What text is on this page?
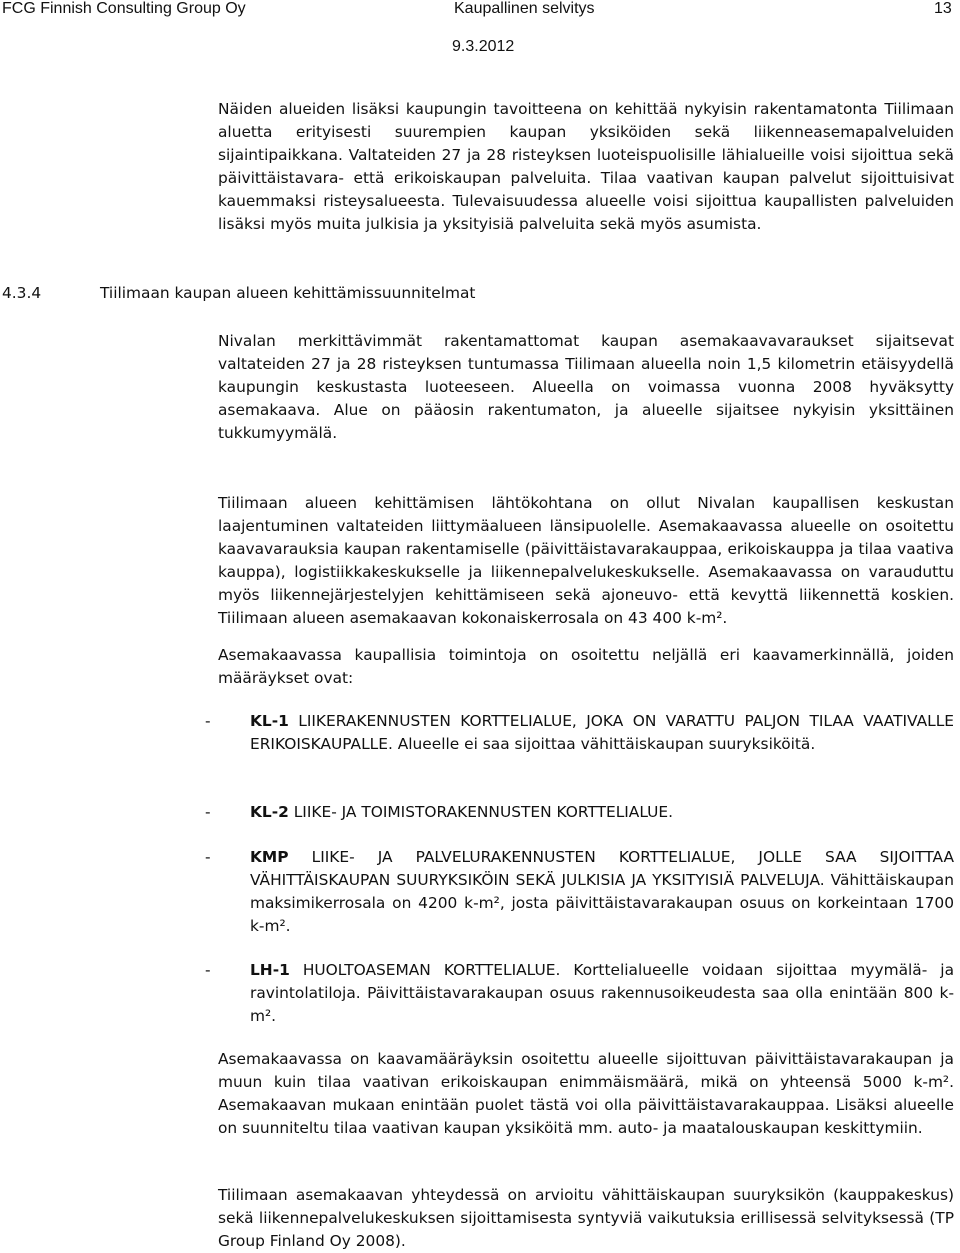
FCG Finnish Consulting Group Oy	Kaupallinen selvitys	13
9.3.2012

Näiden alueiden lisäksi kaupungin tavoitteena on kehittää nykyisin rakentamatonta Tiilimaan aluetta erityisesti suurempien kaupan yksiköiden sekä liikenneasemapalveluiden sijaintipaikkana. Valtateiden 27 ja 28 risteyksen luoteispuolisille lähialueille voisi sijoittua sekä päivittäistavara- että erikoiskaupan palveluita. Tilaa vaativan kaupan palvelut sijoittuisivat kauemmaksi risteysalueesta. Tulevaisuudessa alueelle voisi sijoittua kaupallisten palveluiden lisäksi myös muita julkisia ja yksityisiä palveluita sekä myös asumista.

4.3.4	Tiilimaan kaupan alueen kehittämissuunnitelmat

Nivalan merkittävimmät rakentamattomat kaupan asemakaavavaraukset sijaitsevat valtateiden 27 ja 28 risteyksen tuntumassa Tiilimaan alueella noin 1,5 kilometrin etäisyydellä kaupungin keskustasta luoteeseen. Alueella on voimassa vuonna 2008 hyväksytty asemakaava. Alue on pääosin rakentumaton, ja alueelle sijaitsee nykyisin yksittäinen tukkumyymälä.

Tiilimaan alueen kehittämisen lähtökohtana on ollut Nivalan kaupallisen keskustan laajentuminen valtateiden liittymäalueen länsipuolelle. Asemakaavassa alueelle on osoitettu kaavavarauksia kaupan rakentamiselle (päivittäistavarakauppaa, erikoiskauppa ja tilaa vaativa kauppa), logistiikkakeskukselle ja liikennepalvelukeskukselle. Asemakaavassa on varauduttu myös liikennejärjestelyjen kehittämiseen sekä ajoneuvo- että kevyttä liikennettä koskien. Tiilimaan alueen asemakaavan kokonaiskerrosala on 43 400 k-m².

Asemakaavassa kaupallisia toimintoja on osoitettu neljällä eri kaavamerkinnällä, joiden määräykset ovat:

-	KL-1 LIIKERAKENNUSTEN KORTTELIALUE, JOKA ON VARATTU PALJON TILAA VAATIVALLE ERIKOISKAUPALLE. Alueelle ei saa sijoittaa vähittäiskaupan suuryksiköitä.
-	KL-2 LIIKE- JA TOIMISTORAKENNUSTEN KORTTELIALUE.
-	KMP LIIKE- JA PALVELURAKENNUSTEN KORTTELIALUE, JOLLE SAA SIJOITTAA VÄHITTÄISKAUPAN SUURYKSIKÖIN SEKÄ JULKISIA JA YKSITYISIÄ PALVELUJA. Vähittäiskaupan maksimikerrosala on 4200 k-m², josta päivittäistavarakaupan osuus on korkeintaan 1700 k-m².
-	LH-1 HUOLTOASEMAN KORTTELIALUE. Korttelialueelle voidaan sijoittaa myymälä- ja ravintolatiloja. Päivittäistavarakaupan osuus rakennusoikeudesta saa olla enintään 800 k-m².

Asemakaavassa on kaavamääräyksin osoitettu alueelle sijoittuvan päivittäistavarakaupan ja muun kuin tilaa vaativan erikoiskaupan enimmäismäärä, mikä on yhteensä 5000 k-m². Asemakaavan mukaan enintään puolet tästä voi olla päivittäistavarakauppaa. Lisäksi alueelle on suunniteltu tilaa vaativan kaupan yksiköitä mm. auto- ja maatalouskaupan keskittymiin.

Tiilimaan asemakaavan yhteydessä on arvioitu vähittäiskaupan suuryksikön (kauppakeskus) sekä liikennepalvelukeskuksen sijoittamisesta syntyviä vaikutuksia erillisessä selvityksessä (TP Group Finland Oy 2008).
